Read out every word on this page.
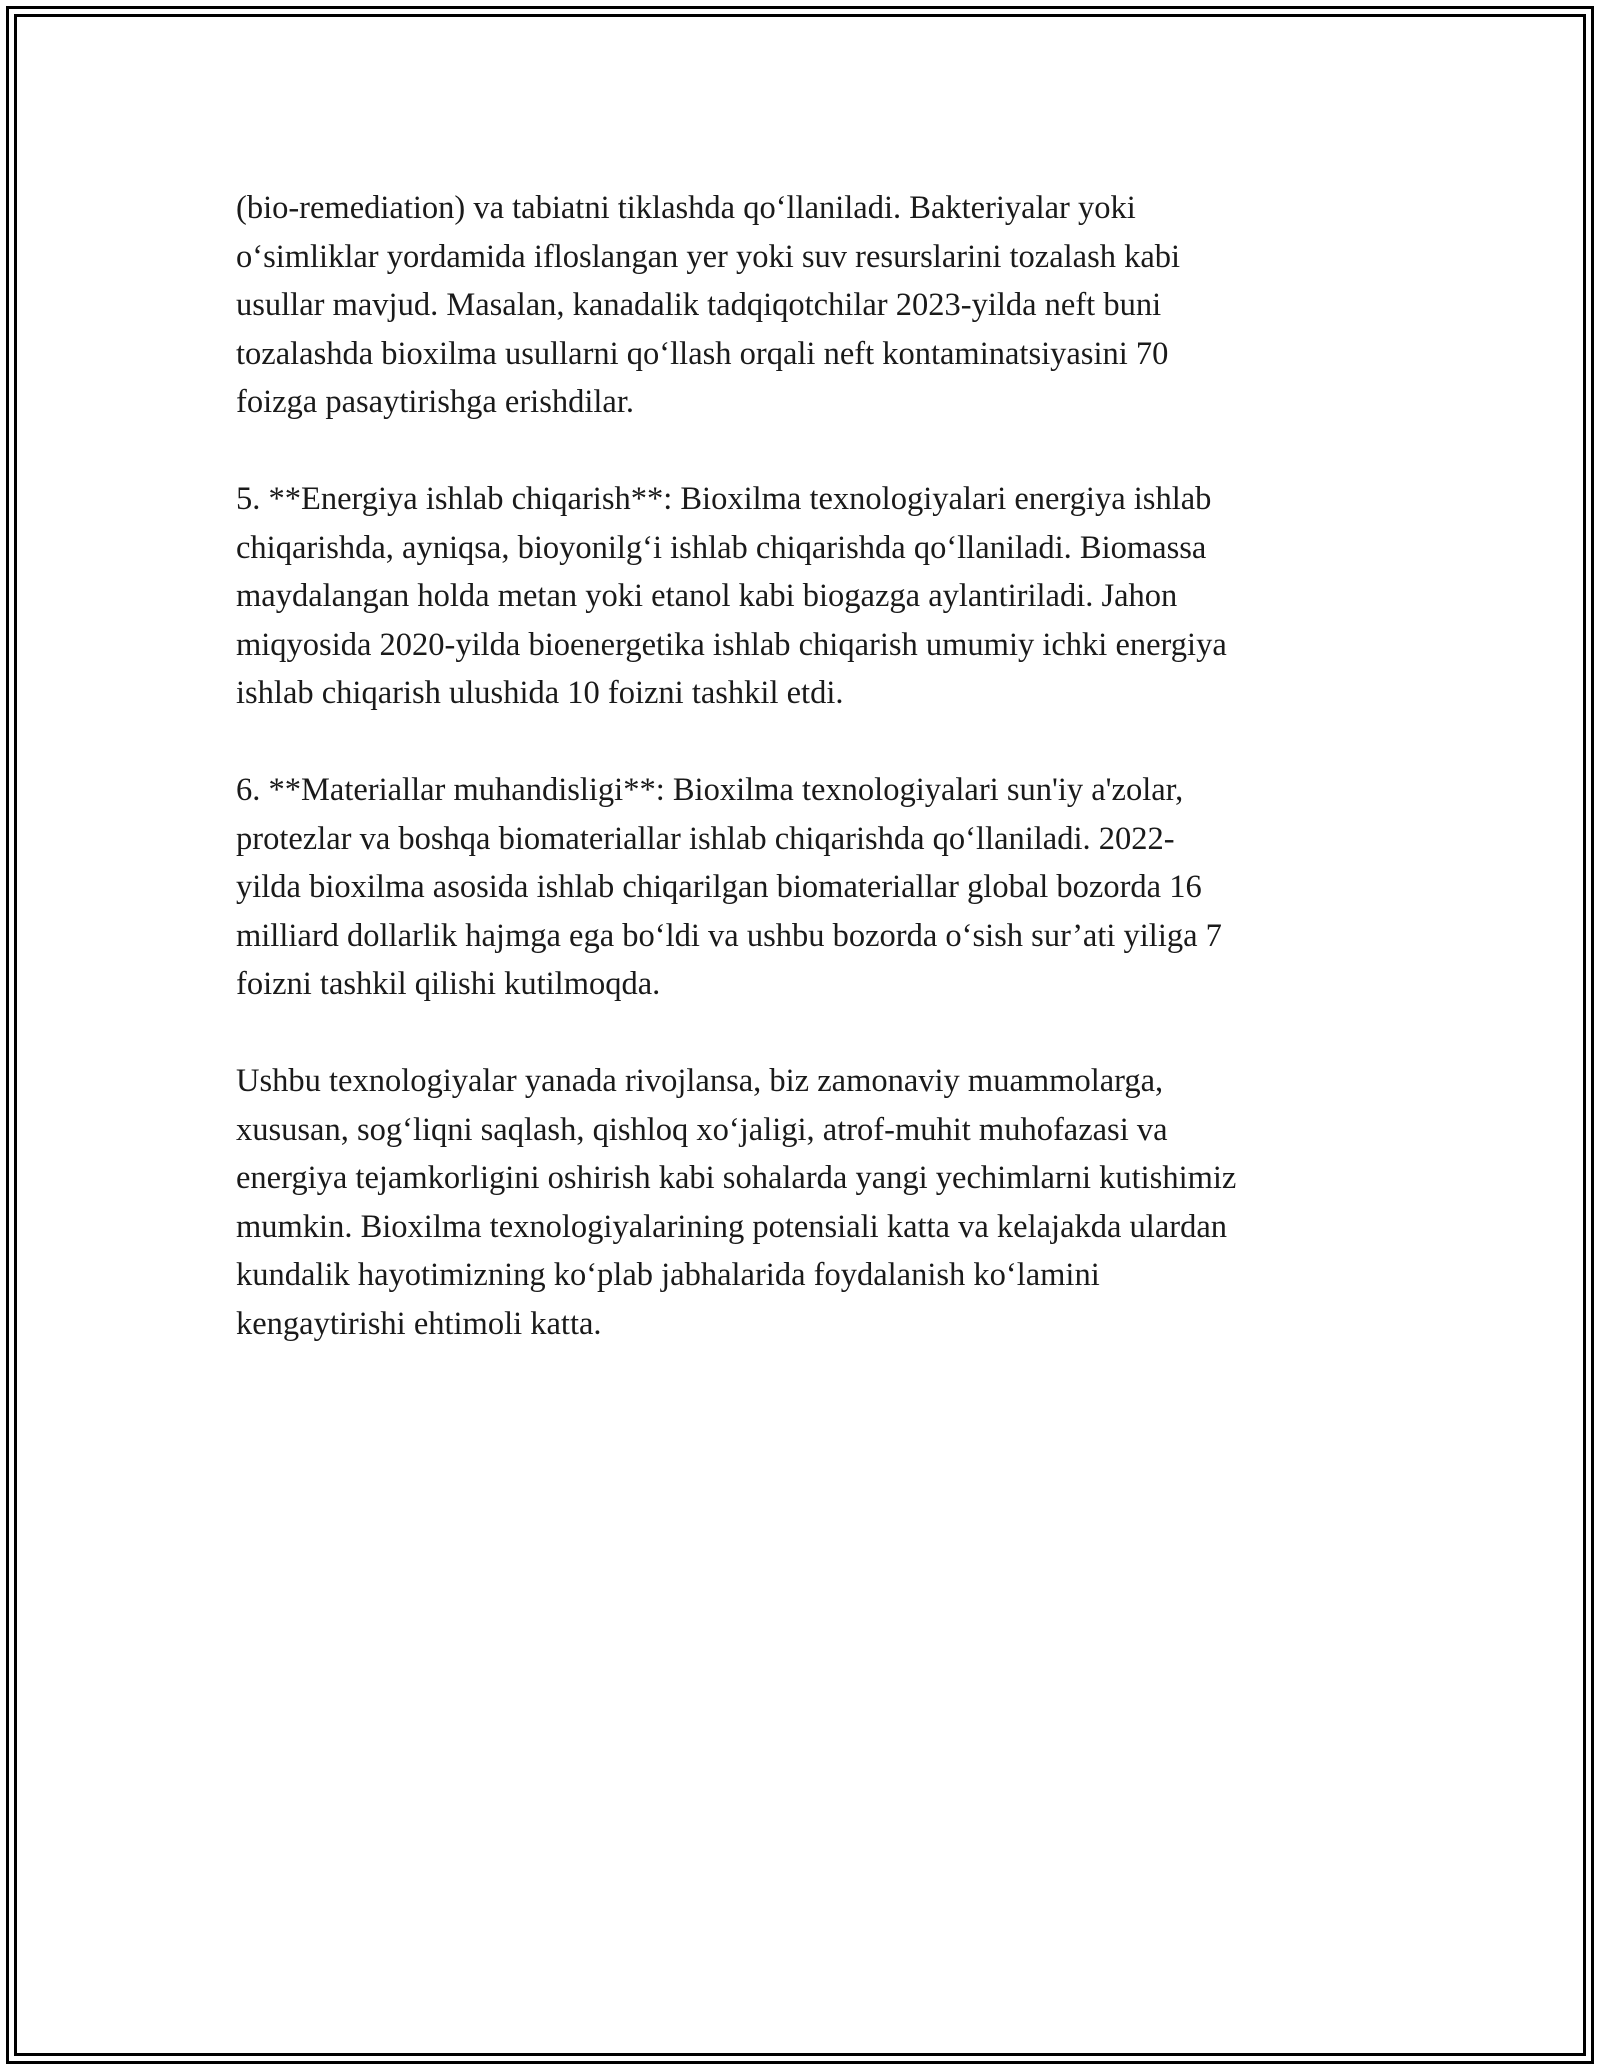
(bio-remediation) va tabiatni tiklashda qo‘llaniladi. Bakteriyalar yoki
o‘simliklar yordamida ifloslangan yer yoki suv resurslarini tozalash kabi
usullar mavjud. Masalan, kanadalik tadqiqotchilar 2023-yilda neft buni
tozalashda bioxilma usullarni qo‘llash orqali neft kontaminatsiyasini 70
foizga pasaytirishga erishdilar.

5. **Energiya ishlab chiqarish**: Bioxilma texnologiyalari energiya ishlab
chiqarishda, ayniqsa, bioyonilg‘i ishlab chiqarishda qo‘llaniladi. Biomassa
maydalangan holda metan yoki etanol kabi biogazga aylantiriladi. Jahon
miqyosida 2020-yilda bioenergetika ishlab chiqarish umumiy ichki energiya
ishlab chiqarish ulushida 10 foizni tashkil etdi.

6. **Materiallar muhandisligi**: Bioxilma texnologiyalari sun'iy a'zolar,
protezlar va boshqa biomateriallar ishlab chiqarishda qo‘llaniladi. 2022-
yilda bioxilma asosida ishlab chiqarilgan biomateriallar global bozorda 16
milliard dollarlik hajmga ega bo‘ldi va ushbu bozorda o‘sish sur’ati yiliga 7
foizni tashkil qilishi kutilmoqda.

Ushbu texnologiyalar yanada rivojlansa, biz zamonaviy muammolarga,
xususan, sog‘liqni saqlash, qishloq xo‘jaligi, atrof-muhit muhofazasi va
energiya tejamkorligini oshirish kabi sohalarda yangi yechimlarni kutishimiz
mumkin. Bioxilma texnologiyalarining potensiali katta va kelajakda ulardan
kundalik hayotimizning ko‘plab jabhalarida foydalanish ko‘lamini
kengaytirishi ehtimoli katta.
